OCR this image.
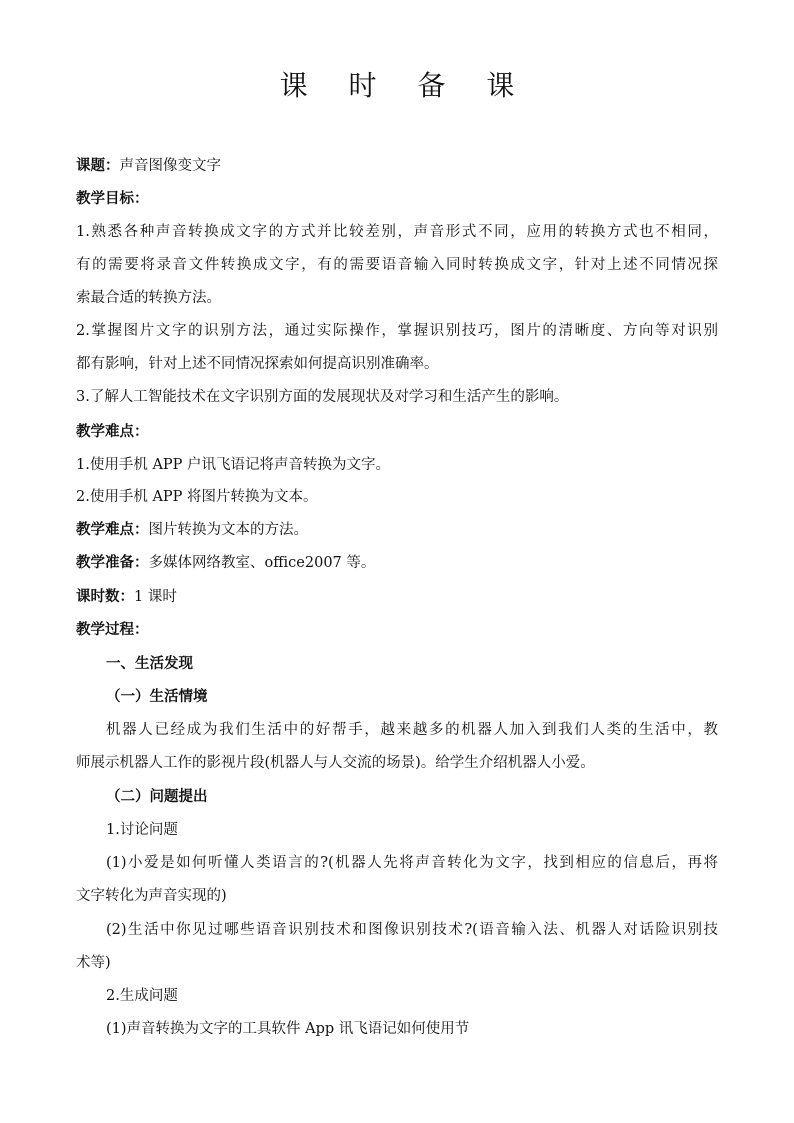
课 时 备 课
课题：声音图像变文字
教学目标：
1.熟悉各种声音转换成文字的方式并比较差别，声音形式不同，应用的转换方式也不相同，
有的需要将录音文件转换成文字，有的需要语音输入同时转换成文字，针对上述不同情况探
索最合适的转换方法。
2.掌握图片文字的识别方法，通过实际操作，掌握识别技巧，图片的清晰度、方向等对识别
都有影响，针对上述不同情况探索如何提高识别准确率。
3.了解人工智能技术在文字识别方面的发展现状及对学习和生活产生的影响。
教学难点：
1.使用手机 APP 户讯飞语记将声音转换为文字。
2.使用手机 APP 将图片转换为文本。
教学难点：图片转换为文本的方法。
教学准备：多媒体网络教室、office2007 等。
课时数：1 课时
教学过程：
一、生活发现
（一）生活情境
机器人已经成为我们生活中的好帮手，越来越多的机器人加入到我们人类的生活中，教
师展示机器人工作的影视片段(机器人与人交流的场景)。给学生介绍机器人小爱。
（二）问题提出
1.讨论问题
(1)小爱是如何听懂人类语言的?(机器人先将声音转化为文字，找到相应的信息后，再将
文字转化为声音实现的)
(2)生活中你见过哪些语音识别技术和图像识别技术?(语音输入法、机器人对话险识别技
术等)
2.生成问题
(1)声音转换为文字的工具软件 App 讯飞语记如何使用节
